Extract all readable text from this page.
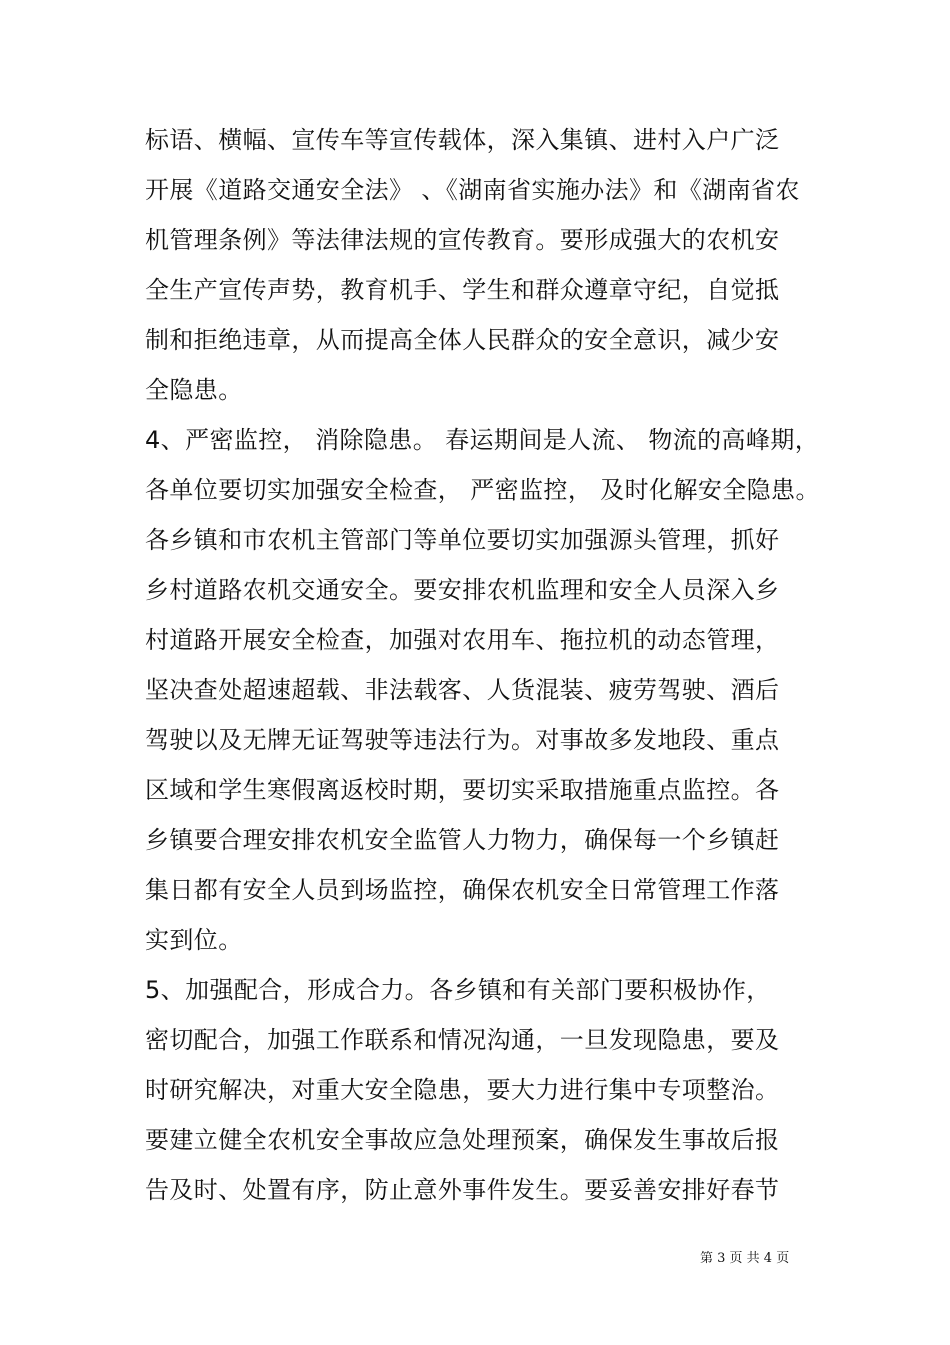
标语、横幅、宣传车等宣传载体，深入集镇、进村入户广泛
开展《道路交通安全法》 、《湖南省实施办法》和《湖南省农
机管理条例》等法律法规的宣传教育。要形成强大的农机安
全生产宣传声势，教育机手、学生和群众遵章守纪，自觉抵
制和拒绝违章，从而提高全体人民群众的安全意识，减少安
全隐患。
4、严密监控， 消除隐患。 春运期间是人流、 物流的高峰期，
各单位要切实加强安全检查， 严密监控， 及时化解安全隐患。
各乡镇和市农机主管部门等单位要切实加强源头管理，抓好
乡村道路农机交通安全。要安排农机监理和安全人员深入乡
村道路开展安全检查，加强对农用车、拖拉机的动态管理，
坚决查处超速超载、非法载客、人货混装、疲劳驾驶、酒后
驾驶以及无牌无证驾驶等违法行为。对事故多发地段、重点
区域和学生寒假离返校时期，要切实采取措施重点监控。各
乡镇要合理安排农机安全监管人力物力，确保每一个乡镇赶
集日都有安全人员到场监控，确保农机安全日常管理工作落
实到位。
5、加强配合，形成合力。各乡镇和有关部门要积极协作，
密切配合，加强工作联系和情况沟通，一旦发现隐患，要及
时研究解决，对重大安全隐患，要大力进行集中专项整治。
要建立健全农机安全事故应急处理预案，确保发生事故后报
告及时、处置有序，防止意外事件发生。要妥善安排好春节
第 3 页 共 4 页
